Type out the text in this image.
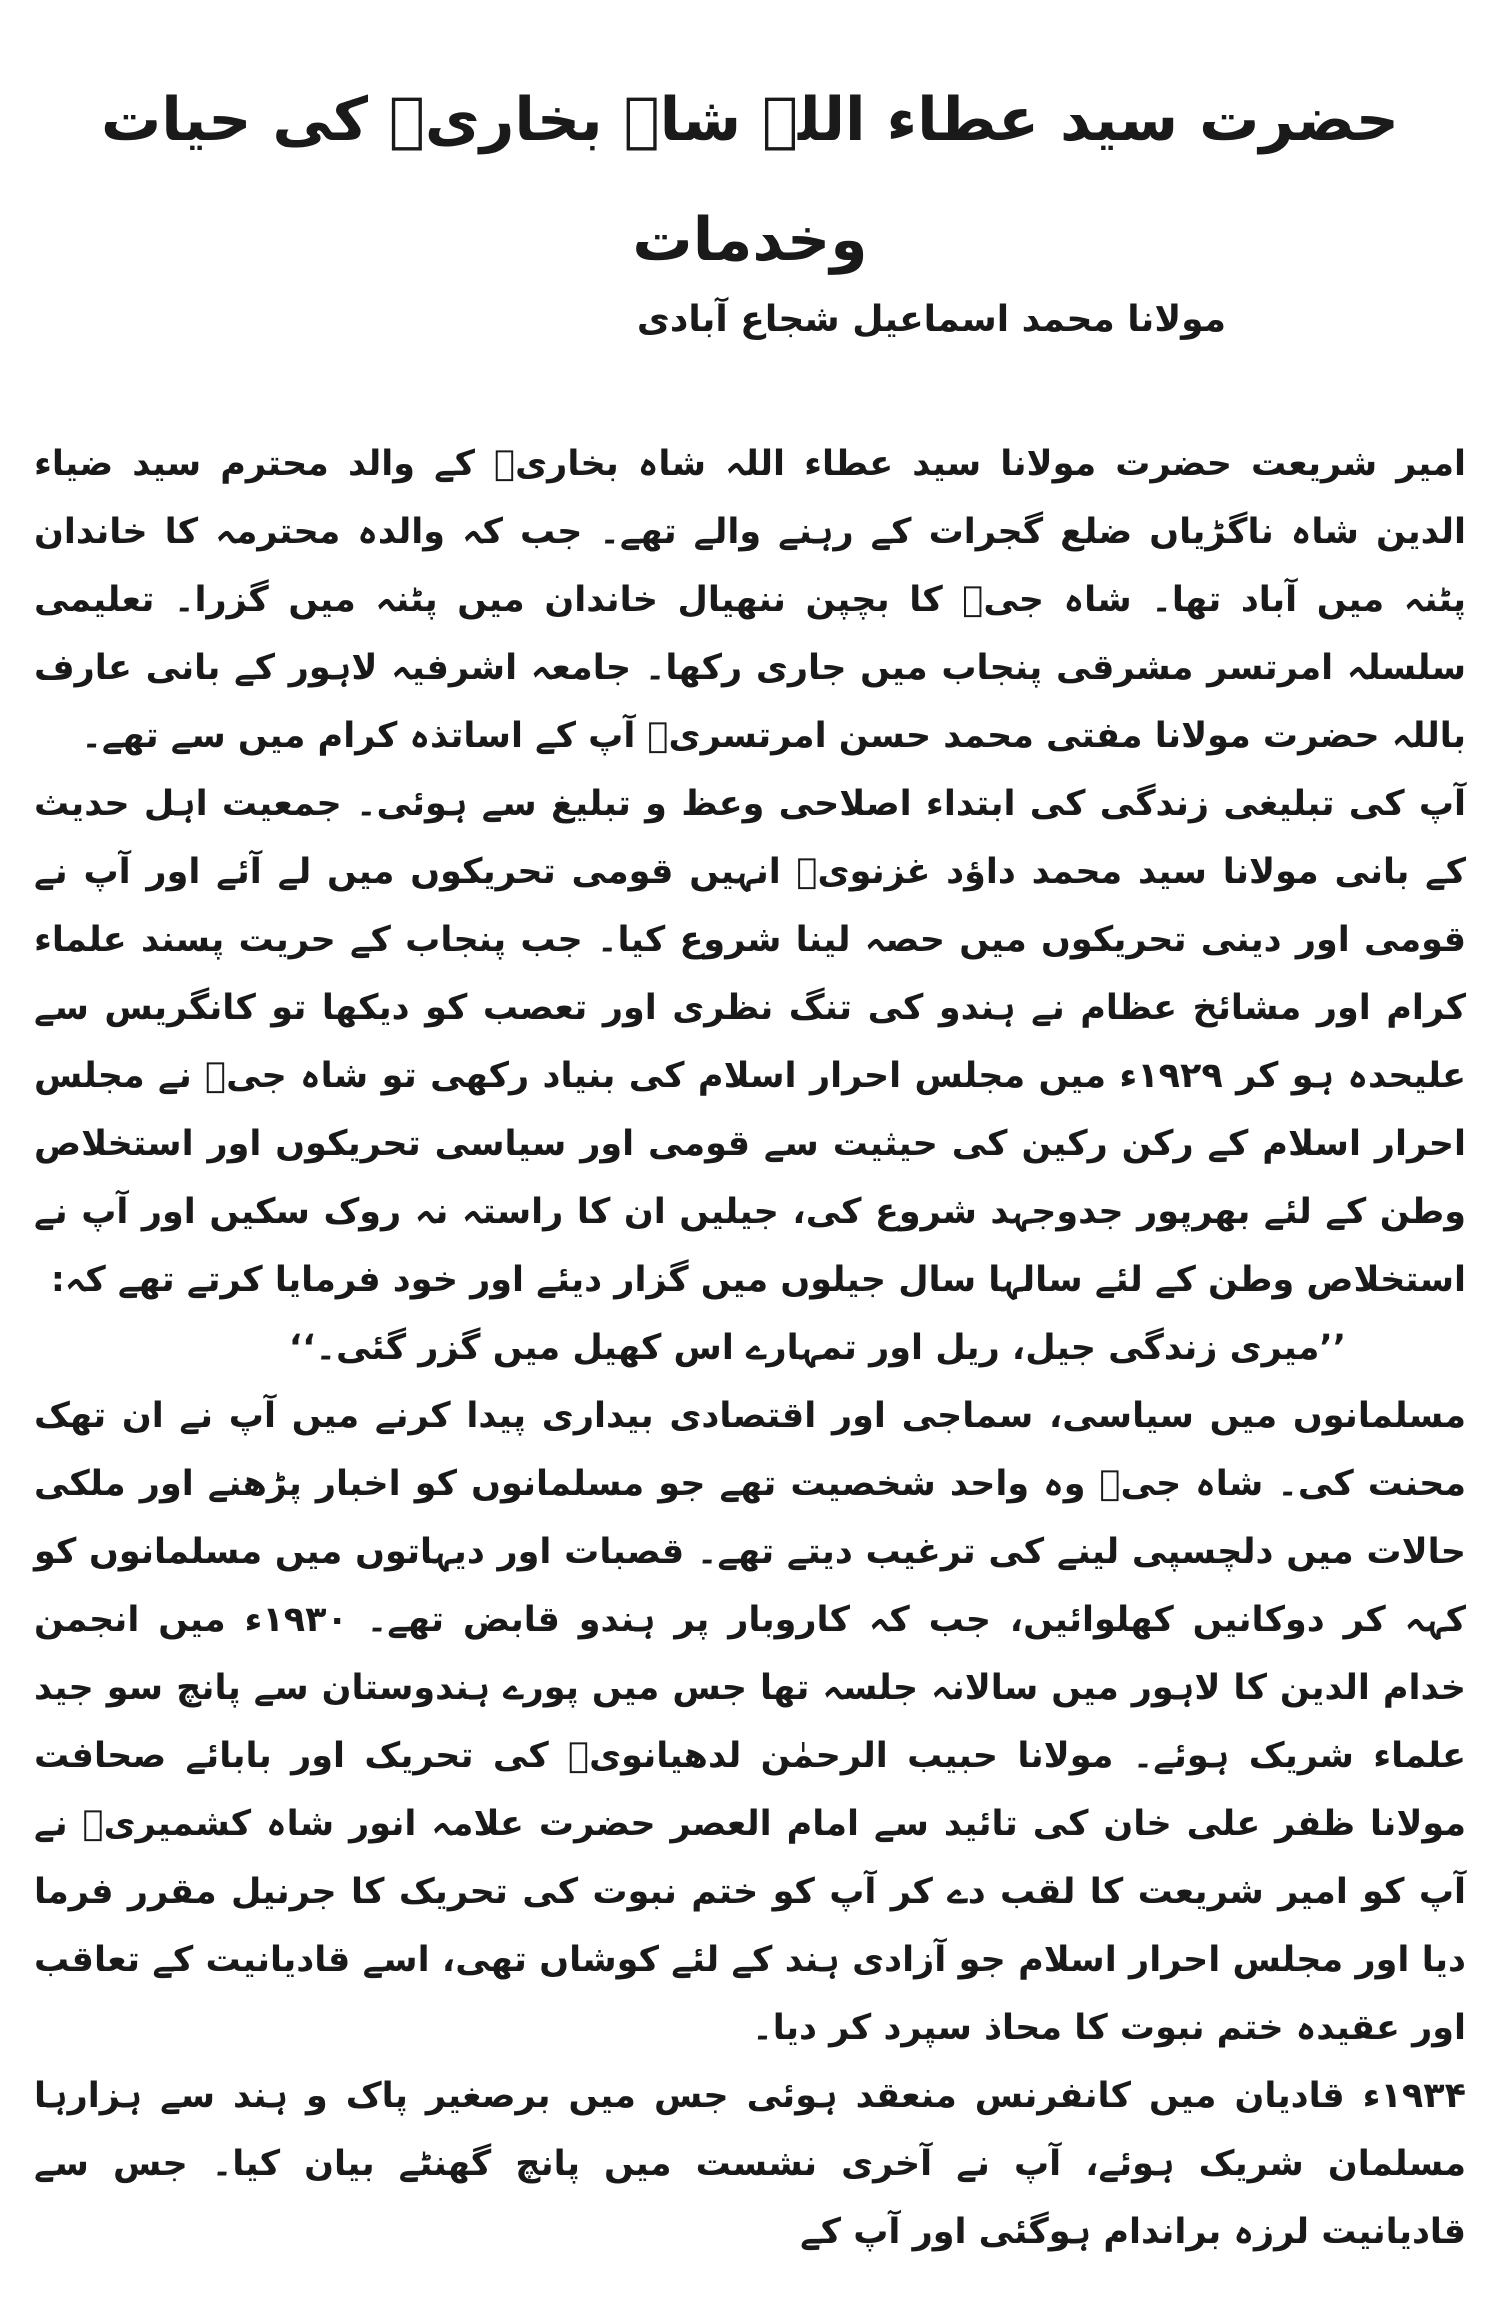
حضرت سید عطاء اللہ شاہ بخاریؒ کی حیات وخدمات
مولانا محمد اسماعیل شجاع آبادی

امیر شریعت حضرت مولانا سید عطاء اللہ شاہ بخاریؒ کے والد محترم سید ضیاء الدین شاہ ناگڑیاں ضلع گجرات کے رہنے والے تھے۔ جب کہ والدہ محترمہ کا خاندان پٹنہ میں آباد تھا۔ شاہ جیؒ کا بچپن ننھیال خاندان میں پٹنہ میں گزرا۔ تعلیمی سلسلہ امرتسر مشرقی پنجاب میں جاری رکھا۔ جامعہ اشرفیہ لاہور کے بانی عارف باللہ حضرت مولانا مفتی محمد حسن امرتسریؒ آپ کے اساتذہ کرام میں سے تھے۔

آپ کی تبلیغی زندگی کی ابتداء اصلاحی وعظ و تبلیغ سے ہوئی۔ جمعیت اہل حدیث کے بانی مولانا سید محمد داؤد غزنویؒ انہیں قومی تحریکوں میں لے آئے اور آپ نے قومی اور دینی تحریکوں میں حصہ لینا شروع کیا۔ جب پنجاب کے حریت پسند علماء کرام اور مشائخ عظام نے ہندو کی تنگ نظری اور تعصب کو دیکھا تو کانگریس سے علیحدہ ہو کر ۱۹۲۹ء میں مجلس احرار اسلام کی بنیاد رکھی تو شاہ جیؒ نے مجلس احرار اسلام کے رکن رکین کی حیثیت سے قومی اور سیاسی تحریکوں اور استخلاص وطن کے لئے بھرپور جدوجہد شروع کی، جیلیں ان کا راستہ نہ روک سکیں اور آپ نے استخلاص وطن کے لئے سالہا سال جیلوں میں گزار دیئے اور خود فرمایا کرتے تھے کہ:

’’میری زندگی جیل، ریل اور تمہارے اس کھیل میں گزر گئی۔‘‘

مسلمانوں میں سیاسی، سماجی اور اقتصادی بیداری پیدا کرنے میں آپ نے ان تھک محنت کی۔ شاہ جیؒ وہ واحد شخصیت تھے جو مسلمانوں کو اخبار پڑھنے اور ملکی حالات میں دلچسپی لینے کی ترغیب دیتے تھے۔ قصبات اور دیہاتوں میں مسلمانوں کو کہہ کر دوکانیں کھلوائیں، جب کہ کاروبار پر ہندو قابض تھے۔ ۱۹۳۰ء میں انجمن خدام الدین کا لاہور میں سالانہ جلسہ تھا جس میں پورے ہندوستان سے پانچ سو جید علماء شریک ہوئے۔ مولانا حبیب الرحمٰن لدھیانویؒ کی تحریک اور بابائے صحافت مولانا ظفر علی خان کی تائید سے امام العصر حضرت علامہ انور شاہ کشمیریؒ نے آپ کو امیر شریعت کا لقب دے کر آپ کو ختم نبوت کی تحریک کا جرنیل مقرر فرما دیا اور مجلس احرار اسلام جو آزادی ہند کے لئے کوشاں تھی، اسے قادیانیت کے تعاقب اور عقیدہ ختم نبوت کا محاذ سپرد کر دیا۔

۱۹۳۴ء قادیان میں کانفرنس منعقد ہوئی جس میں برصغیر پاک و ہند سے ہزارہا مسلمان شریک ہوئے، آپ نے آخری نشست میں پانچ گھنٹے بیان کیا۔ جس سے قادیانیت لرزہ براندام ہوگئی اور آپ کے
